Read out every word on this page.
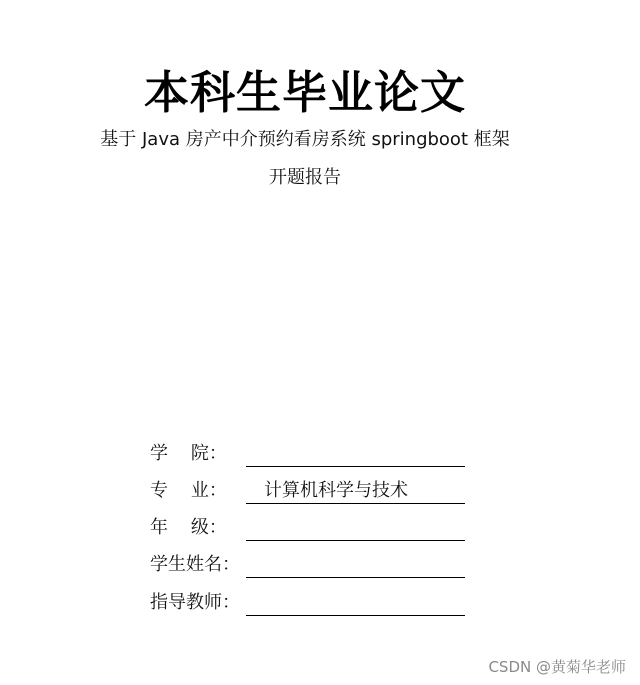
本科生毕业论文
基于 Java 房产中介预约看房系统 springboot 框架
开题报告
学    院：
专    业：	计算机科学与技术
年    级：
学生姓名：
指导教师：
CSDN @黄菊华老师
